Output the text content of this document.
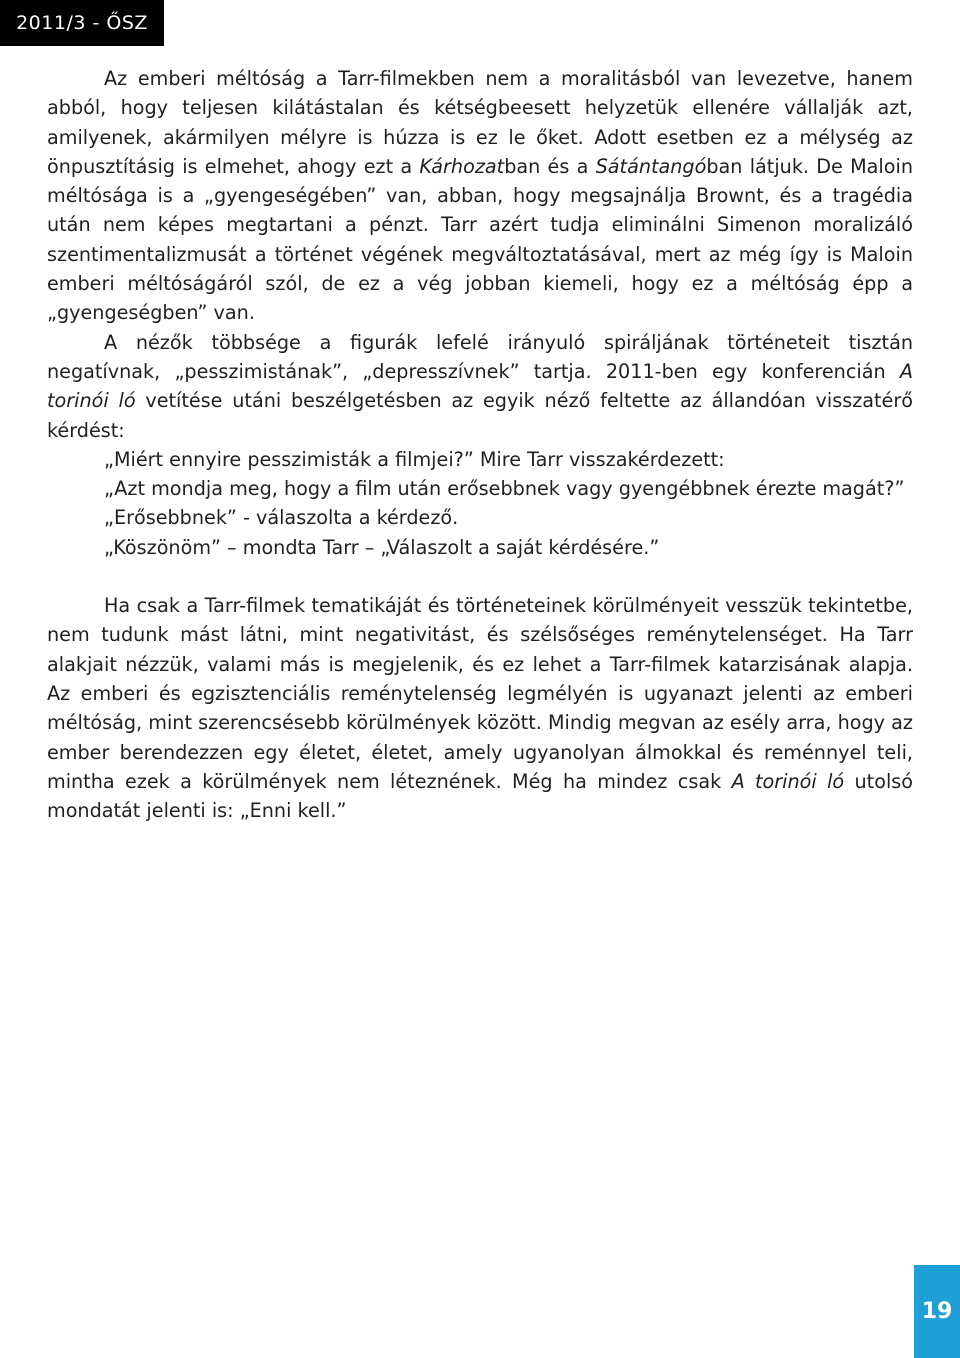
2011/3 - ŐSZ

Az emberi méltóság a Tarr-filmekben nem a moralitásból van levezetve, hanem abból, hogy teljesen kilátástalan és kétségbeesett helyzetük ellenére vállalják azt, amilyenek, akármilyen mélyre is húzza is ez le őket. Adott esetben ez a mélység az önpusztításig is elmehet, ahogy ezt a Kárhozatban és a Sátántangóban látjuk. De Maloin méltósága is a „gyengeségében” van, abban, hogy megsajnálja Brownt, és a tragédia után nem képes megtartani a pénzt. Tarr azért tudja eliminálni Simenon moralizáló szentimentalizmusát a történet végének megváltoztatásával, mert az még így is Maloin emberi méltóságáról szól, de ez a vég jobban kiemeli, hogy ez a méltóság épp a „gyengeségben” van.

A nézők többsége a figurák lefelé irányuló spiráljának történeteit tisztán negatívnak, „pesszimistának”, „depresszívnek” tartja. 2011-ben egy konferencián A torinói ló vetítése utáni beszélgetésben az egyik néző feltette az állandóan visszatérő kérdést:

„Miért ennyire pesszimisták a filmjei?” Mire Tarr visszakérdezett:

„Azt mondja meg, hogy a film után erősebbnek vagy gyengébbnek érezte magát?”

„Erősebbnek” - válaszolta a kérdező.

„Köszönöm” – mondta Tarr – „Válaszolt a saját kérdésére.”

Ha csak a Tarr-filmek tematikáját és történeteinek körülményeit vesszük tekintetbe, nem tudunk mást látni, mint negativitást, és szélsőséges reménytelenséget. Ha Tarr alakjait nézzük, valami más is megjelenik, és ez lehet a Tarr-filmek katarzisának alapja. Az emberi és egzisztenciális reménytelenség legmélyén is ugyanazt jelenti az emberi méltóság, mint szerencsésebb körülmények között. Mindig megvan az esély arra, hogy az ember berendezzen egy életet, életet, amely ugyanolyan álmokkal és reménnyel teli, mintha ezek a körülmények nem léteznének. Még ha mindez csak A torinói ló utolsó mondatát jelenti is: „Enni kell.”

19
